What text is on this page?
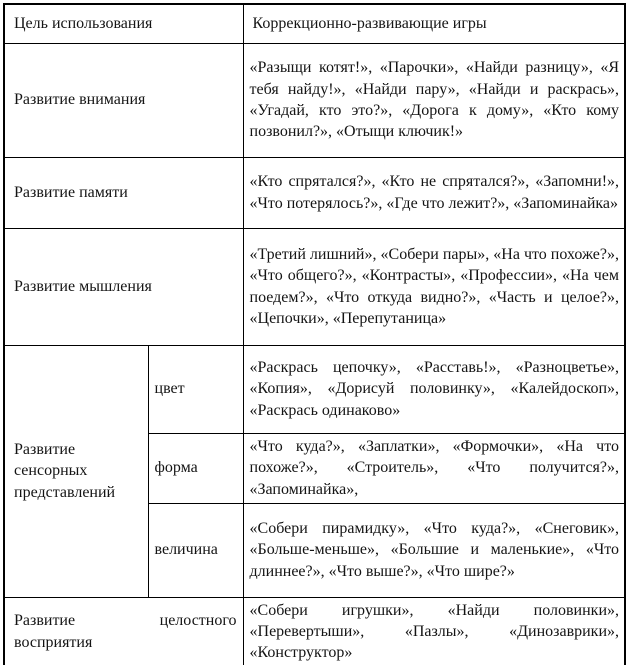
Цель использования		Коррекционно-развивающие игры
Развитие внимания		«Разыщи котят!», «Парочки», «Найди разницу», «Я тебя найду!», «Найди пару», «Найди и раскрась», «Угадай, кто это?», «Дорога к дому», «Кто кому позвонил?», «Отыщи ключик!»
Развитие памяти		«Кто спрятался?», «Кто не спрятался?», «Запомни!», «Что потерялось?», «Где что лежит?», «Запоминайка»
Развитие мышления		«Третий лишний», «Собери пары», «На что похоже?», «Что общего?», «Контрасты», «Профессии», «На чем поедем?», «Что откуда видно?», «Часть и целое?», «Цепочки», «Перепутаница»
Развитие сенсорных представлений	цвет	«Раскрась цепочку», «Расставь!», «Разноцветье», «Копия», «Дорисуй половинку», «Калейдоскоп», «Раскрась одинаково»
	форма	«Что куда?», «Заплатки», «Формочки», «На что похоже?», «Строитель», «Что получится?», «Запоминайка»,
	величина	«Собери пирамидку», «Что куда?», «Снеговик», «Больше-меньше», «Большие и маленькие», «Что длиннее?», «Что выше?», «Что шире?»
Развитие целостного восприятия		«Собери игрушки», «Найди половинки», «Перевертыши», «Пазлы», «Динозаврики», «Конструктор»
